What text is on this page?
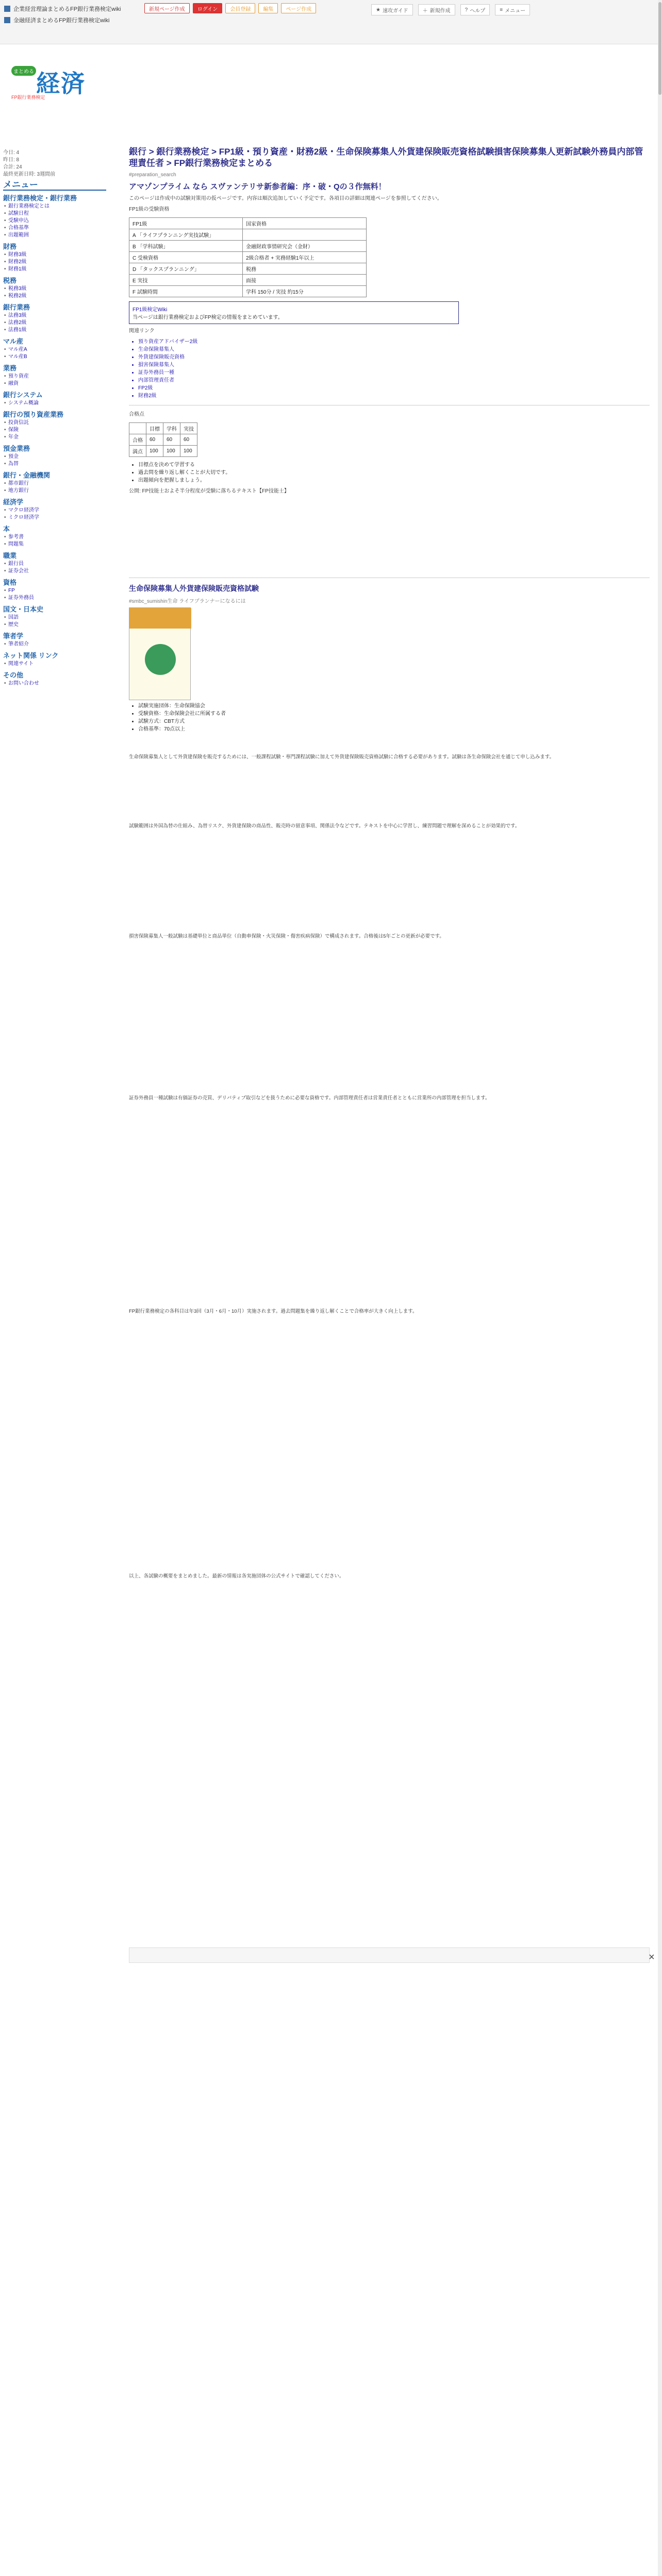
企業経営理論まとめるFP銀行業務検定wiki
金融経済まとめるFP銀行業務検定wiki
新規ページ作成	ログイン	会員登録	編集	ページ作成	★ 速攻ガイド	＋ 新規作成	? ヘルプ	≡ メニュー
まとめる 経済
FP銀行業務検定
今日: 4
昨日: 8
合計: 24
最終更新日時: 3週間前
メニュー
銀行業務検定・銀行業務
• 銀行業務検定とは
• 試験日程
• 受験申込
• 合格基準
• 出題範囲
財務
• 財務3級
• 財務2級
• 財務1級
税務
• 税務3級
• 税務2級
銀行業務
• 法務3級
• 法務2級
• 法務1級
マル産
• マル産A
• マル産B
業務
• 預り資産
• 融資
銀行システム
• システム概論
銀行の預り資産業務
• 投資信託
• 保険
• 年金
預金業務
• 預金
• 為替
銀行・金融機関
• 都市銀行
• 地方銀行
経済学
• マクロ経済学
• ミクロ経済学
本
• 参考書
• 問題集
職業
• 銀行員
• 証券会社
資格
• FP
• 証券外務員
国文・日本史
• 国語
• 歴史
筆者学
• 筆者紹介
ネット関係 リンク
• 関連サイト
その他
• お問い合わせ
銀行 > 銀行業務検定 > FP1級・預り資産・財務2級・生命保険募集人外貨建保険販売資格試験損害保険募集人更新試験外務員内部管理責任者 > FP銀行業務検定まとめる
#preparation_search
アマゾンプライム なら スヴァンテリサ新参者編：序・破・Qの３作無料！

このページは作成中の試験対策用の仮ページです。内容は順次追加していく予定です。各項目の詳細は関連ページを参照してください。

FP1級の受験資格
FP1級	国家資格
A 「ライフプランニング実技試験」	
B 「学科試験」	金融財政事情研究会（金財）
C 受検資格	2級合格者 + 実務経験1年以上
D 「タックスプランニング」	税務
E 実技	面接
F 試験時間	学科 150分 / 実技 約15分
FP1級検定Wiki
当ページは銀行業務検定およびFP検定の情報をまとめています。
関連リンク
• 預り資産アドバイザー2級
• 生命保険募集人
• 外貨建保険販売資格
• 損害保険募集人
• 証券外務員一種
• 内部管理責任者
• FP2級
• 財務2級
合格点
	目標	学科	実技
合格	60	60	60
満点	100	100	100
• 目標点を決めて学習する
• 過去問を繰り返し解くことが大切です。
• 出題傾向を把握しましょう。
公開: FP技能士およそ半分程度が受験に落ちるテキスト【FP技能士】
生命保険募集人外貨建保険販売資格試験
#smbc_sumishin生命 ライフプランナーになるには
• 試験実施団体：生命保険協会
• 受験資格：生命保険会社に所属する者
• 試験方式：CBT方式
• 合格基準：70点以上

生命保険募集人として外貨建保険を販売するためには、一般課程試験・専門課程試験に加えて外貨建保険販売資格試験に合格する必要があります。試験は各生命保険会社を通じて申し込みます。

試験範囲は外国為替の仕組み、為替リスク、外貨建保険の商品性、販売時の留意事項、関係法令などです。テキストを中心に学習し、練習問題で理解を深めることが効果的です。

損害保険募集人一般試験は基礎単位と商品単位（自動車保険・火災保険・傷害疾病保険）で構成されます。合格後は5年ごとの更新が必要です。

証券外務員一種試験は有価証券の売買、デリバティブ取引などを扱うために必要な資格です。内部管理責任者は営業責任者とともに営業所の内部管理を担当します。

FP銀行業務検定の各科目は年3回（3月・6月・10月）実施されます。過去問題集を繰り返し解くことで合格率が大きく向上します。

以上、各試験の概要をまとめました。最新の情報は各実施団体の公式サイトで確認してください。

×
